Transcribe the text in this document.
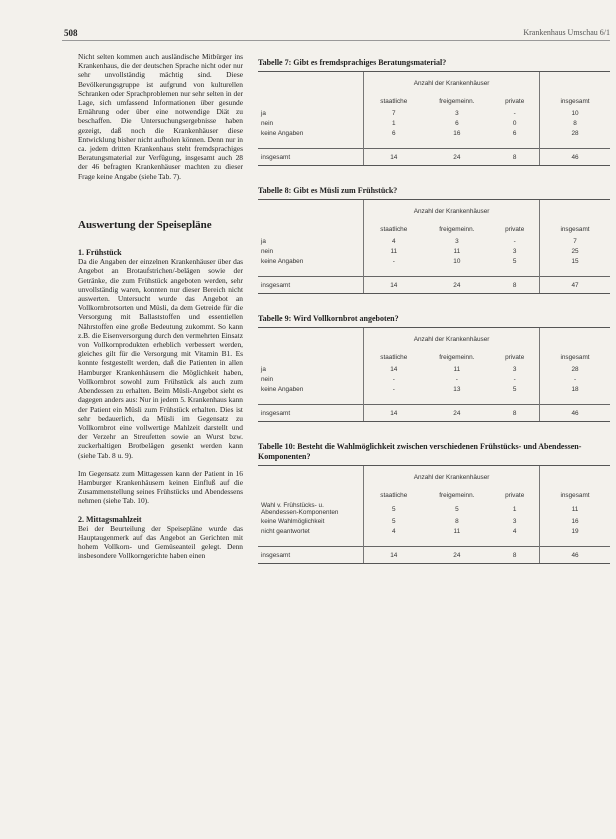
508	Krankenhaus Umschau 6/1

Nicht selten kommen auch ausländische Mitbürger ins Krankenhaus, die der deutschen Sprache nicht oder nur sehr unvollständig mächtig sind. Diese Bevölkerungsgruppe ist aufgrund von kulturellen Schranken oder Sprachproblemen nur sehr selten in der Lage, sich umfassend Informationen über gesunde Ernährung oder über eine notwendige Diät zu beschaffen. Die Untersuchungsergebnisse haben gezeigt, daß noch die Krankenhäuser diese Entwicklung bisher nicht aufholen können. Denn nur in ca. jedem dritten Krankenhaus steht fremdsprachiges Beratungsmaterial zur Verfügung, insgesamt auch 28 der 46 befragten Krankenhäuser machten zu dieser Frage keine Angabe (siehe Tab. 7).

Auswertung der Speisepläne
1. Frühstück

Da die Angaben der einzelnen Krankenhäuser über das Angebot an Brotaufstrichen/-belägen sowie der Getränke, die zum Frühstück angeboten werden, sehr unvollständig waren, konnten nur dieser Bereich nicht auswerten. Untersucht wurde das Angebot an Vollkornbrotsorten und Müsli, da dem Getreide für die Versorgung mit Ballaststoffen und essentiellen Nährstoffen eine große Bedeutung zukommt. So kann z.B. die Eisenversorgung durch den vermehrten Einsatz von Vollkornprodukten erheblich verbessert werden, gleiches gilt für die Versorgung mit Vitamin B1. Es konnte festgestellt werden, daß die Patienten in allen Hamburger Krankenhäusern die Möglichkeit haben, Vollkornbrot sowohl zum Frühstück als auch zum Abendessen zu erhalten. Beim Müsli-Angebot sieht es dagegen anders aus: Nur in jedem 5. Krankenhaus kann der Patient ein Müsli zum Frühstück erhalten. Dies ist sehr bedauerlich, da Müsli im Gegensatz zu Vollkornbrot eine vollwertige Mahlzeit darstellt und der Verzehr an Streufetten sowie an Wurst bzw. zuckerhaltigen Brotbelägen gesenkt werden kann (siehe Tab. 8 u. 9).

Im Gegensatz zum Mittagessen kann der Patient in 16 Hamburger Krankenhäusern keinen Einfluß auf die Zusammenstellung seines Frühstücks und Abendessens nehmen (siehe Tab. 10).

2. Mittagsmahlzeit

Bei der Beurteilung der Speisepläne wurde das Hauptaugenmerk auf das Angebot an Gerichten mit hohem Vollkorn- und Gemüseanteil gelegt. Denn insbesondere Vollkorngerichte haben einen

Tabelle 7: Gibt es fremdsprachiges Beratungsmaterial?
	Anzahl der Krankenhäuser			
	staatliche	freigemeinn.	private	insgesamt
ja	7	3	-	10
nein	1	6	0	8
keine Angaben	6	16	6	28

insgesamt	14	24	8	46
Tabelle 8: Gibt es Müsli zum Frühstück?
	Anzahl der Krankenhäuser			
	staatliche	freigemeinn.	private	insgesamt
ja	4	3	-	7
nein	11	11	3	25
keine Angaben	-	10	5	15

insgesamt	14	24	8	47
Tabelle 9: Wird Vollkornbrot angeboten?
	Anzahl der Krankenhäuser			
	staatliche	freigemeinn.	private	insgesamt
ja	14	11	3	28
nein	-	-	-	-
keine Angaben	-	13	5	18

insgesamt	14	24	8	46
Tabelle 10: Besteht die Wahlmöglichkeit zwischen verschiedenen Frühstücks- und Abendessen-Komponenten?
	Anzahl der Krankenhäuser			
	staatliche	freigemeinn.	private	insgesamt
Wahl v. Frühstücks- u. Abendessen-Komponenten	5	5	1	11
keine Wahlmöglichkeit	5	8	3	16
nicht geantwortet	4	11	4	19

insgesamt	14	24	8	46
